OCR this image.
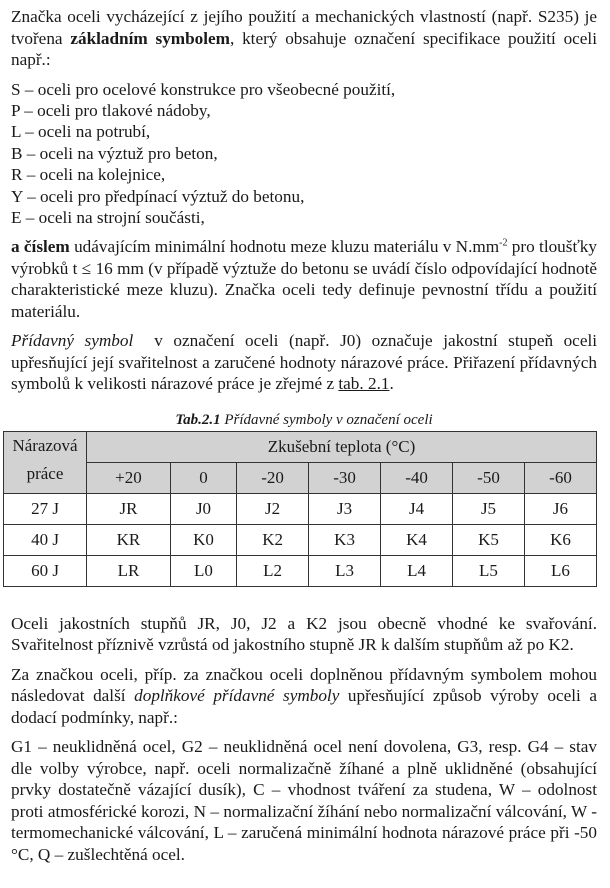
Značka oceli vycházející z jejího použití a mechanických vlastností (např. S235) je tvořena základním symbolem, který obsahuje označení specifikace použití oceli např.:

S – oceli pro ocelové konstrukce pro všeobecné použití,
P – oceli pro tlakové nádoby,
L – oceli na potrubí,
B – oceli na výztuž pro beton,
R – oceli na kolejnice,
Y – oceli pro předpínací výztuž do betonu,
E – oceli na strojní součásti,

a číslem udávajícím minimální hodnotu meze kluzu materiálu v $N.mm^{-2}$ pro tloušťky výrobků t ≤ 16 mm (v případě výztuže do betonu se uvádí číslo odpovídající hodnotě charakteristické meze kluzu). Značka oceli tedy definuje pevnostní třídu a použití materiálu.

Přídavný symbol  v označení oceli (např. J0) označuje jakostní stupeň oceli upřesňující její svařitelnost a zaručené hodnoty nárazové práce. Přiřazení přídavných symbolů k velikosti nárazové práce je zřejmé z tab. 2.1.

Tab.2.1 Přídavné symboly v označení oceli
Nárazová
práce	Zkušební teplota (°C)						
	+20	0	-20	-30	-40	-50	-60
27 J	JR	J0	J2	J3	J4	J5	J6
40 J	KR	K0	K2	K3	K4	K5	K6
60 J	LR	L0	L2	L3	L4	L5	L6

Oceli jakostních stupňů JR, J0, J2 a K2 jsou obecně vhodné ke svařování. Svařitelnost příznivě vzrůstá od jakostního stupně JR k dalším stupňům až po K2.

Za značkou oceli, příp. za značkou oceli doplněnou přídavným symbolem mohou následovat další doplňkové přídavné symboly upřesňující způsob výroby oceli a dodací podmínky, např.:

G1 – neuklidněná ocel, G2 – neuklidněná ocel není dovolena, G3, resp. G4 – stav dle volby výrobce, např. oceli normalizačně žíhané a plně uklidněné (obsahující prvky dostatečně vázající dusík), C – vhodnost tváření za studena, W – odolnost proti atmosférické korozi, N – normalizační žíhání nebo normalizační válcování, W - termomechanické válcování, L – zaručená minimální hodnota nárazové práce při -50 °C, Q – zušlechtěná ocel.
